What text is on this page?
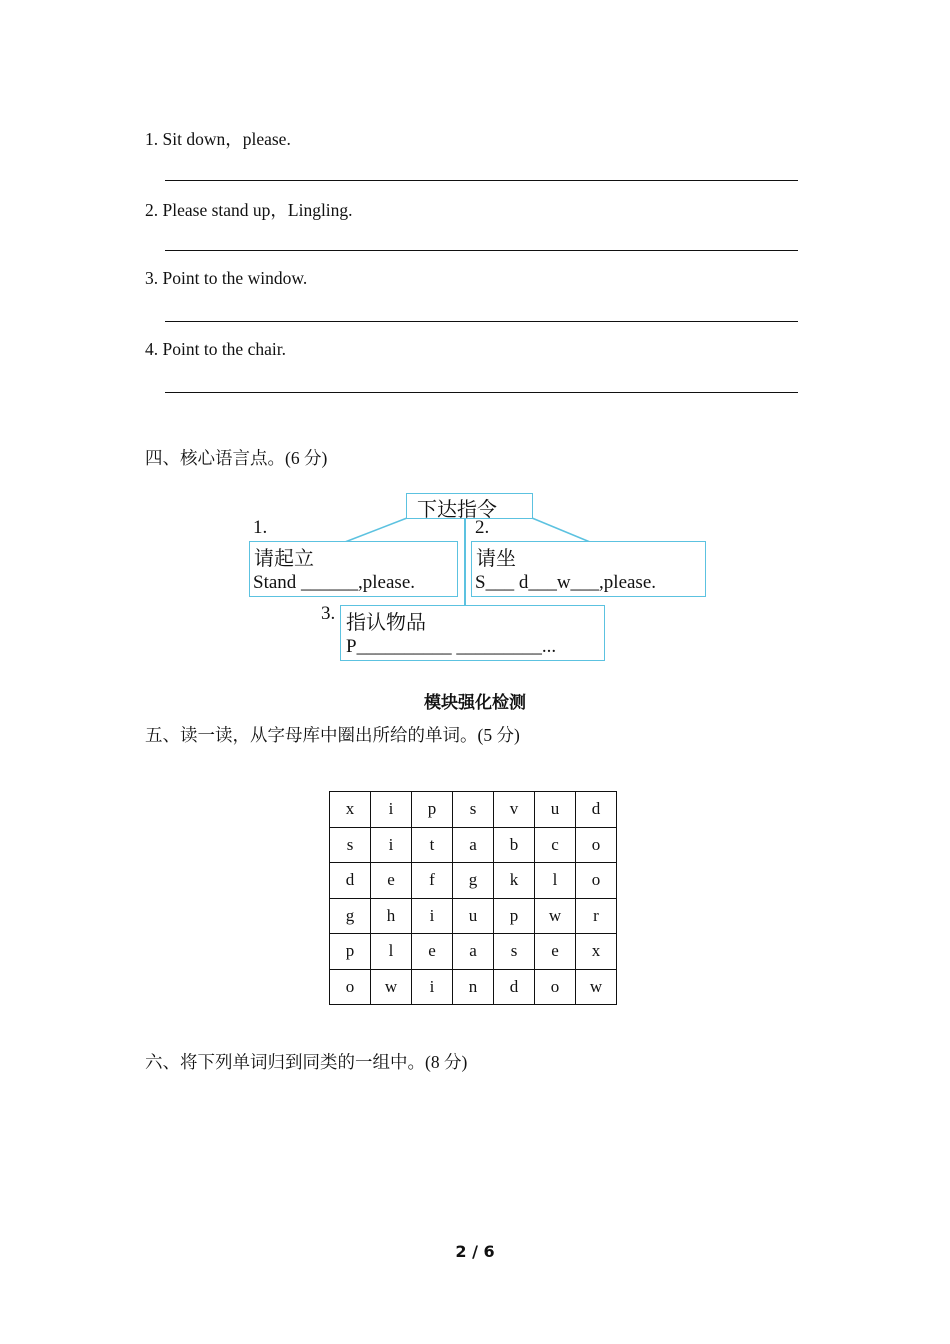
1. Sit down，please.
2. Please stand up，Lingling.
3. Point to the window.
4. Point to the chair.
四、核心语言点。(6 分)
下达指令
1.
请起立
Stand ______,please.
2.
请坐
S___ d___w___,please.
3. 指认物品
P__________ _________...
模块强化检测
五、读一读，从字母库中圈出所给的单词。(5 分)
x	i	p	s	v	u	d
s	i	t	a	b	c	o
d	e	f	g	k	l	o
g	h	i	u	p	w	r
p	l	e	a	s	e	x
o	w	i	n	d	o	w
六、将下列单词归到同类的一组中。(8 分)
2 / 6
